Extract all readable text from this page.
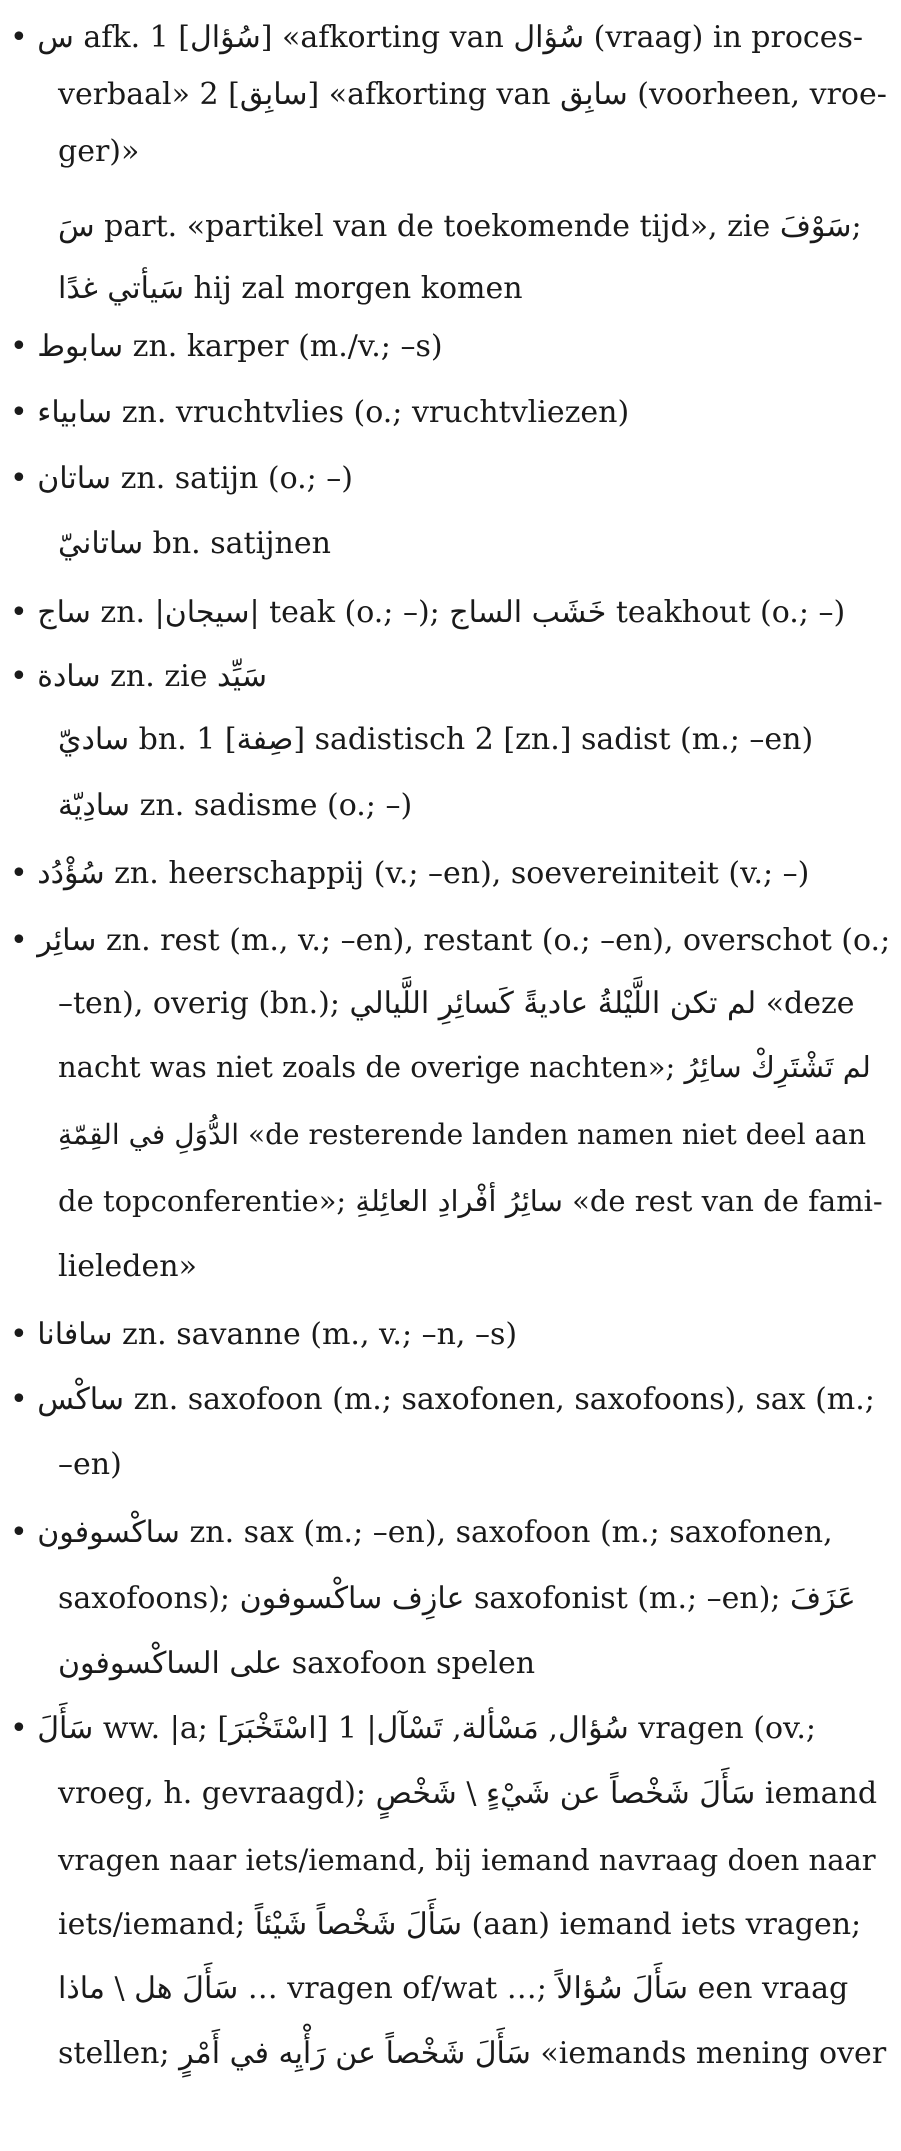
• س afk. 1 [سُؤال] «afkorting van سُؤال (vraag) in proces-
verbaal» 2 [سابِق] «afkorting van سابِق (voorheen, vroe-
ger)»
سَ part. «partikel van de toekomende tijd», zie سَوْفَ;
سَيأتي غدًا hij zal morgen komen
• سابوط zn. karper (m./v.; –s)
• سابياء zn. vruchtvlies (o.; vruchtvliezen)
• ساتان zn. satijn (o.; –)
ساتانيّ bn. satijnen
• ساج zn. |سيجان| teak (o.; –); خَشَب الساج teakhout (o.; –)
• سادة zn. zie سَيِّد
ساديّ bn. 1 [صِفة] sadistisch 2 [zn.] sadist (m.; –en)
سادِيّة zn. sadisme (o.; –)
• سُؤْدُد zn. heerschappij (v.; –en), soevereiniteit (v.; –)
• سائِر zn. rest (m., v.; –en), restant (o.; –en), overschot (o.;
–ten), overig (bn.); لم تكن اللَّيْلةُ عاديةً كَسائِرِ اللَّيالي «deze
nacht was niet zoals de overige nachten»; لم تَشْتَرِكْ سائِرُ
الدُّوَلِ في القِمّةِ «de resterende landen namen niet deel aan
de topconferentie»; سائِرُ أفْرادِ العائِلةِ «de rest van de fami-
lieleden»
• سافانا zn. savanne (m., v.; –n, –s)
• ساكْس zn. saxofoon (m.; saxofonen, saxofoons), sax (m.;
–en)
• ساكْسوفون zn. sax (m.; –en), saxofoon (m.; saxofonen,
saxofoons); عازِف ساكْسوفون saxofonist (m.; –en); عَزَفَ
على الساكْسوفون saxofoon spelen
• سَأَلَ ww. |a; سُؤال, مَسْألة, تَسْآل| 1 [اسْتَخْبَرَ] vragen (ov.;
vroeg, h. gevraagd); سَأَلَ شَخْصاً عن شَيْءٍ \ شَخْصٍ iemand
vragen naar iets/iemand, bij iemand navraag doen naar
iets/iemand; سَأَلَ شَخْصاً شَيْئاً (aan) iemand iets vragen;
سَأَلَ هل \ ماذا … vragen of/wat …; سَأَلَ سُؤالاً een vraag
stellen; سَأَلَ شَخْصاً عن رَأْيِه في أَمْرٍ «iemands mening over
